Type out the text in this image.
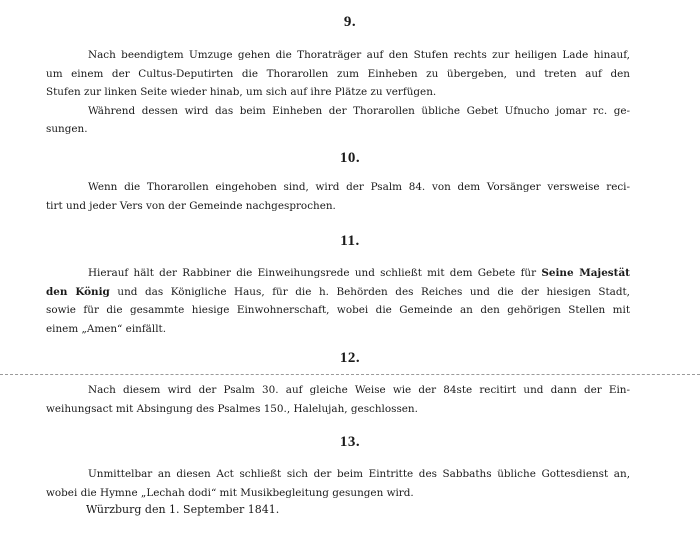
9.
Nach beendigtem Umzuge gehen die Thoraträger auf den Stufen rechts zur heiligen Lade hinauf,
um einem der Cultus-Deputirten die Thorarollen zum Einheben zu übergeben, und treten auf den
Stufen zur linken Seite wieder hinab, um sich auf ihre Plätze zu verfügen.
Während dessen wird das beim Einheben der Thorarollen übliche Gebet Ufnucho jomar rc. ge-
sungen.
10.
Wenn die Thorarollen eingehoben sind, wird der Psalm 84. von dem Vorsänger versweise reci-
tirt und jeder Vers von der Gemeinde nachgesprochen.
11.
Hierauf hält der Rabbiner die Einweihungsrede und schließt mit dem Gebete für Seine Majestät
den König und das Königliche Haus, für die h. Behörden des Reiches und die der hiesigen Stadt,
sowie für die gesammte hiesige Einwohnerschaft, wobei die Gemeinde an den gehörigen Stellen mit
einem „Amen“ einfällt.
12.
Nach diesem wird der Psalm 30. auf gleiche Weise wie der 84ste recitirt und dann der Ein-
weihungsact mit Absingung des Psalmes 150., Halelujah, geschlossen.
13.
Unmittelbar an diesen Act schließt sich der beim Eintritte des Sabbaths übliche Gottesdienst an,
wobei die Hymne „Lechah dodi“ mit Musikbegleitung gesungen wird.
Würzburg den 1. September 1841.
